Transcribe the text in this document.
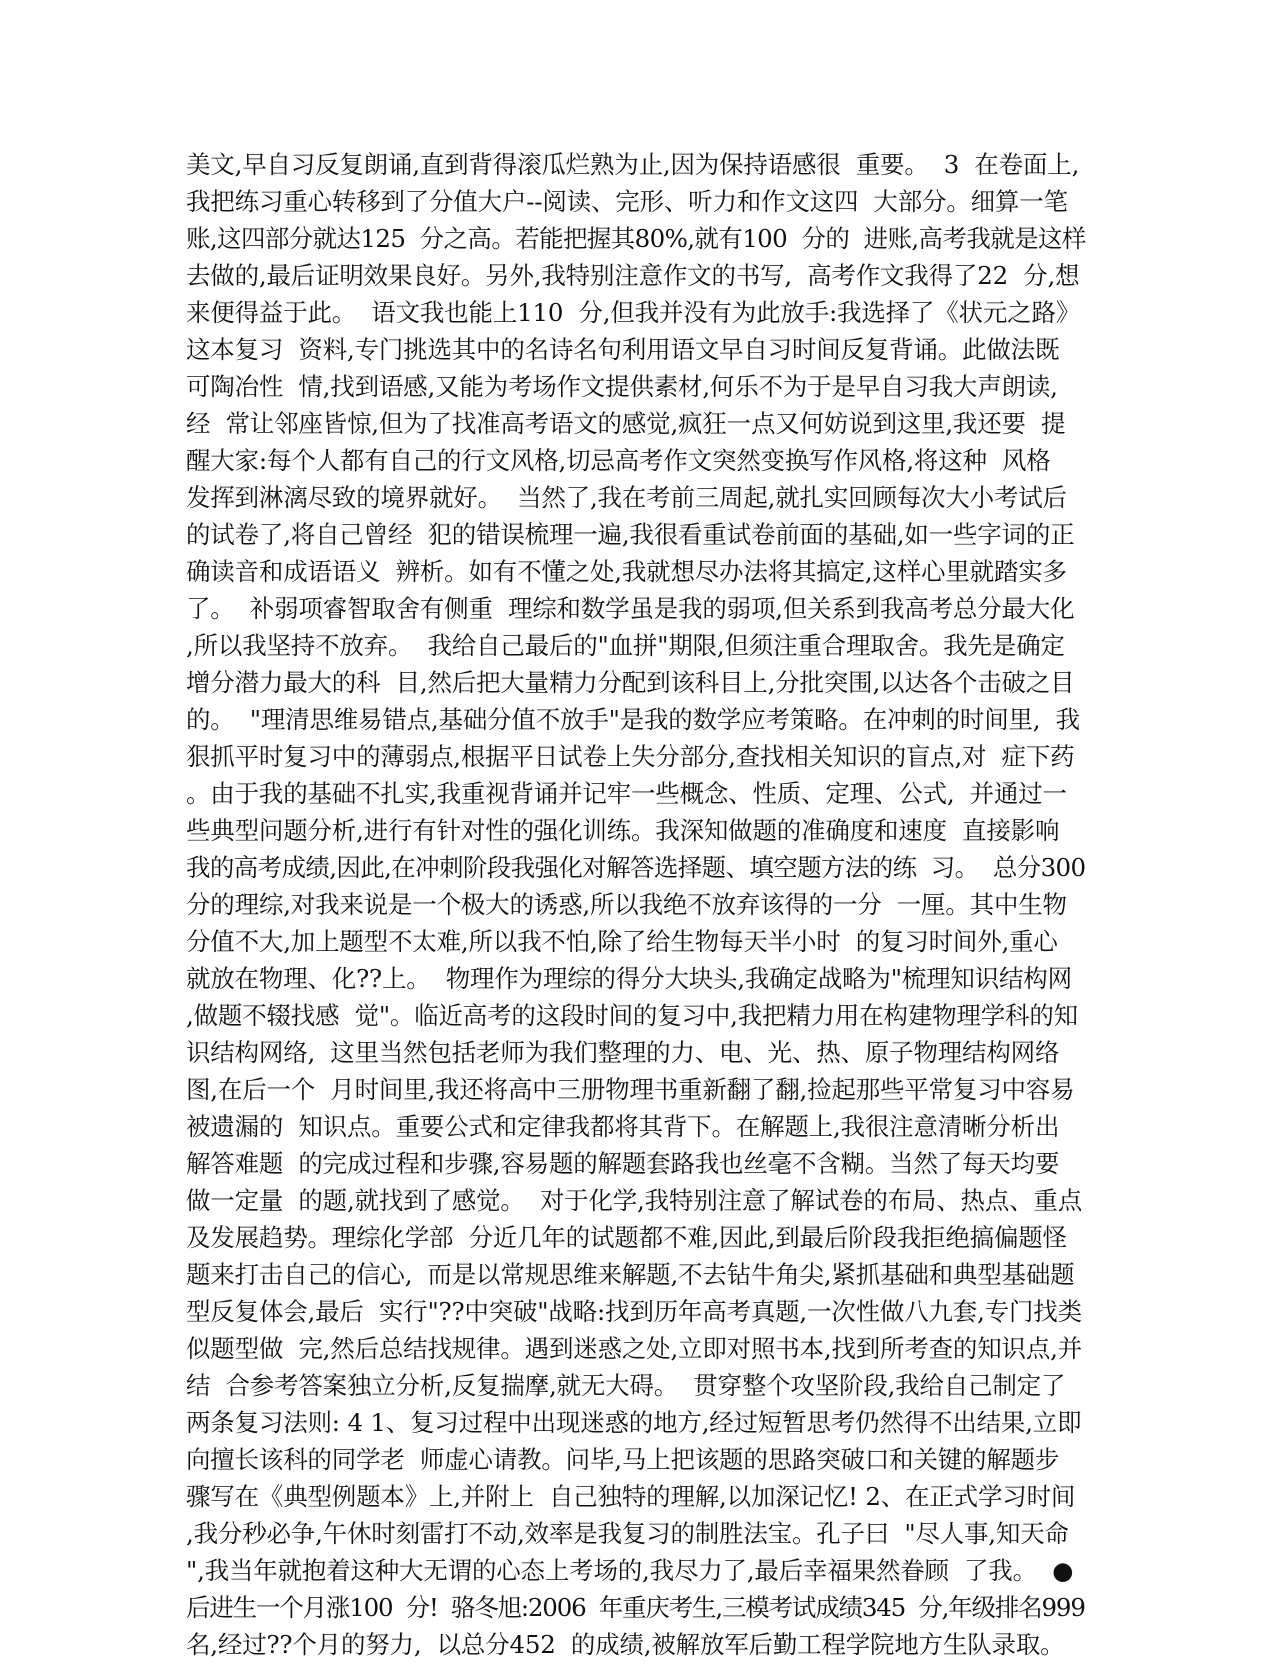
美文,早自习反复朗诵,直到背得滚瓜烂熟为止,因为保持语感很  重要。  3  在卷面上,
我把练习重心转移到了分值大户--阅读、完形、听力和作文这四  大部分。细算一笔
账,这四部分就达125  分之高。若能把握其80%,就有100  分的  进账,高考我就是这样
去做的,最后证明效果良好。另外,我特别注意作文的书写,  高考作文我得了22  分,想
来便得益于此。  语文我也能上110  分,但我并没有为此放手:我选择了《状元之路》
这本复习  资料,专门挑选其中的名诗名句利用语文早自习时间反复背诵。此做法既
可陶冶性  情,找到语感,又能为考场作文提供素材,何乐不为于是早自习我大声朗读,
经  常让邻座皆惊,但为了找准高考语文的感觉,疯狂一点又何妨说到这里,我还要  提
醒大家:每个人都有自己的行文风格,切忌高考作文突然变换写作风格,将这种  风格
发挥到淋漓尽致的境界就好。  当然了,我在考前三周起,就扎实回顾每次大小考试后
的试卷了,将自己曾经  犯的错误梳理一遍,我很看重试卷前面的基础,如一些字词的正
确读音和成语语义  辨析。如有不懂之处,我就想尽办法将其搞定,这样心里就踏实多
了。  补弱项睿智取舍有侧重  理综和数学虽是我的弱项,但关系到我高考总分最大化
,所以我坚持不放弃。  我给自己最后的"血拼"期限,但须注重合理取舍。我先是确定
增分潜力最大的科  目,然后把大量精力分配到该科目上,分批突围,以达各个击破之目
的。  "理清思维易错点,基础分值不放手"是我的数学应考策略。在冲刺的时间里,  我
狠抓平时复习中的薄弱点,根据平日试卷上失分部分,查找相关知识的盲点,对  症下药
。由于我的基础不扎实,我重视背诵并记牢一些概念、性质、定理、公式,  并通过一
些典型问题分析,进行有针对性的强化训练。我深知做题的准确度和速度  直接影响
我的高考成绩,因此,在冲刺阶段我强化对解答选择题、填空题方法的练  习。  总分300
分的理综,对我来说是一个极大的诱惑,所以我绝不放弃该得的一分  一厘。其中生物
分值不大,加上题型不太难,所以我不怕,除了给生物每天半小时  的复习时间外,重心
就放在物理、化??上。  物理作为理综的得分大块头,我确定战略为"梳理知识结构网
,做题不辍找感  觉"。临近高考的这段时间的复习中,我把精力用在构建物理学科的知
识结构网络,  这里当然包括老师为我们整理的力、电、光、热、原子物理结构网络
图,在后一个  月时间里,我还将高中三册物理书重新翻了翻,捡起那些平常复习中容易
被遗漏的  知识点。重要公式和定律我都将其背下。在解题上,我很注意清晰分析出
解答难题  的完成过程和步骤,容易题的解题套路我也丝毫不含糊。当然了每天均要
做一定量  的题,就找到了感觉。  对于化学,我特别注意了解试卷的布局、热点、重点
及发展趋势。理综化学部  分近几年的试题都不难,因此,到最后阶段我拒绝搞偏题怪
题来打击自己的信心,  而是以常规思维来解题,不去钻牛角尖,紧抓基础和典型基础题
型反复体会,最后  实行"??中突破"战略:找到历年高考真题,一次性做八九套,专门找类
似题型做  完,然后总结找规律。遇到迷惑之处,立即对照书本,找到所考查的知识点,并
结  合参考答案独立分析,反复揣摩,就无大碍。  贯穿整个攻坚阶段,我给自己制定了
两条复习法则: 4 1、复习过程中出现迷惑的地方,经过短暂思考仍然得不出结果,立即
向擅长该科的同学老  师虚心请教。问毕,马上把该题的思路突破口和关键的解题步
骤写在《典型例题本》上,并附上  自己独特的理解,以加深记忆! 2、在正式学习时间
,我分秒必争,午休时刻雷打不动,效率是我复习的制胜法宝。孔子曰  "尽人事,知天命
",我当年就抱着这种大无谓的心态上考场的,我尽力了,最后幸福果然眷顾  了我。  ●
后进生一个月涨100  分!  骆冬旭:2006  年重庆考生,三模考试成绩345  分,年级排名999
名,经过??个月的努力,  以总分452  的成绩,被解放军后勤工程学院地方生队录取。
